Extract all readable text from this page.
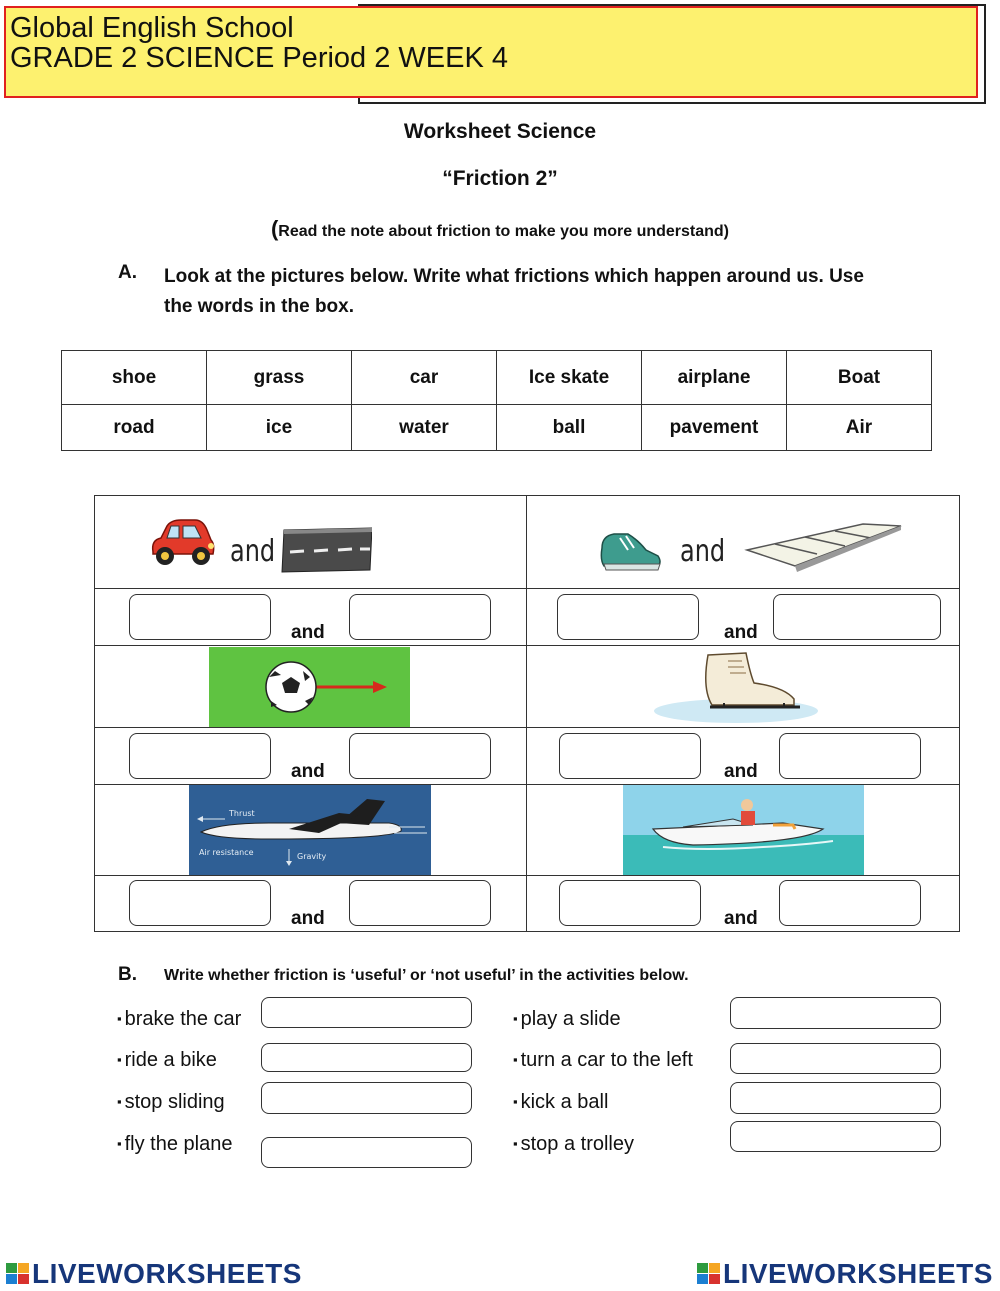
Global English School
GRADE 2 SCIENCE Period 2 WEEK 4
Worksheet Science
“Friction 2”
(Read the note about friction to make you more understand)
A. Look at the pictures below. Write what frictions which happen around us. Use the words in the box.
shoe	grass	car	Ice skate	airplane	Boat
road	ice	water	ball	pavement	Air
and	and
and	and
and	and
Thrust
Air resistance	Gravity
and	and
B. Write whether friction is ‘useful’ or ‘not useful’ in the activities below.
▪ brake the car
▪ ride a bike
▪ stop sliding
▪ fly the plane
▪ play a slide
▪ turn a car to the left
▪ kick a ball
▪ stop a trolley
LIVEWORKSHEETS	LIVEWORKSHEETS
